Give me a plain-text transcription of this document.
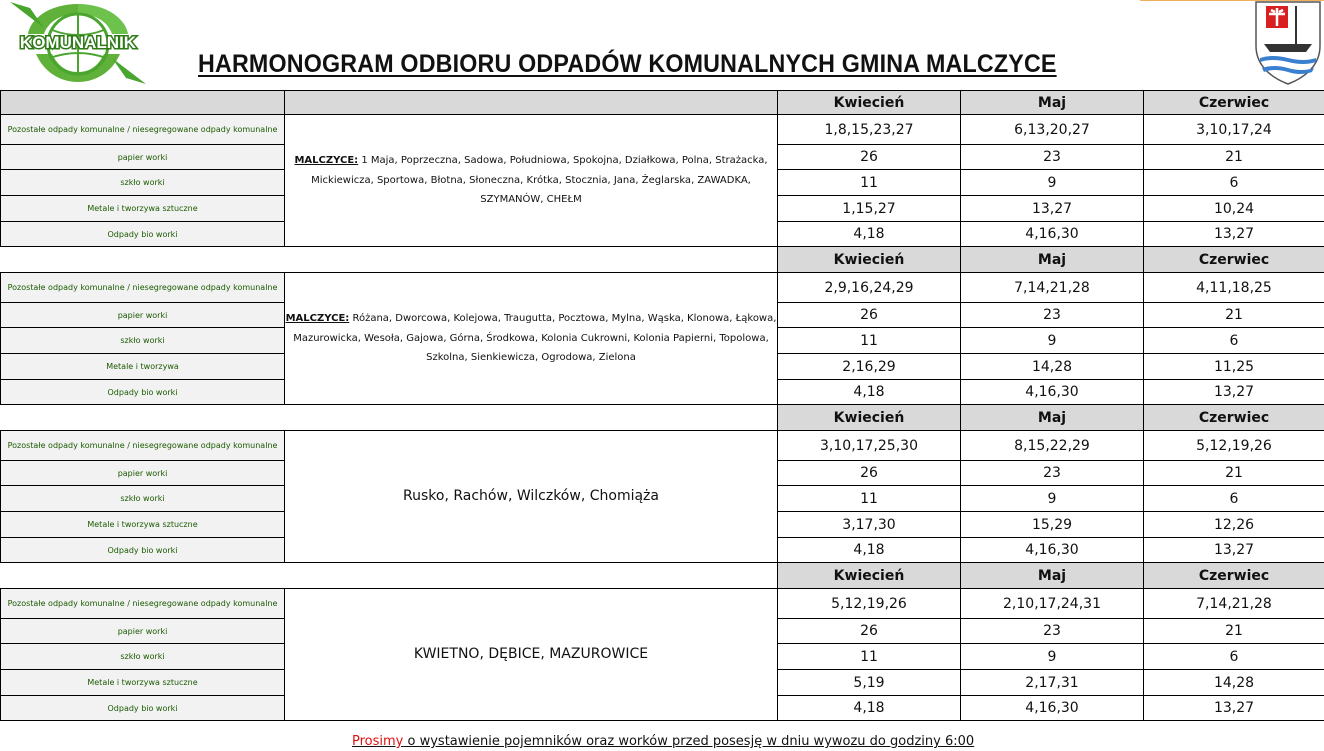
KOMUNALNIK
HARMONOGRAM ODBIORU ODPADÓW KOMUNALNYCH GMINA MALCZYCE
		Kwiecień	Maj	Czerwiec
Pozostałe odpady komunalne / niesegregowane odpady komunalne	MALCZYCE: 1 Maja, Poprzeczna, Sadowa, Południowa, Spokojna, Działkowa, Polna, Strażacka, Mickiewicza, Sportowa, Błotna, Słoneczna, Krótka, Stocznia, Jana, Żeglarska, ZAWADKA, SZYMANÓW, CHEŁM	1,8,15,23,27	6,13,20,27	3,10,17,24
papier worki		26	23	21
szkło worki		11	9	6
Metale i tworzywa sztuczne		1,15,27	13,27	10,24
Odpady bio worki		4,18	4,16,30	13,27
		Kwiecień	Maj	Czerwiec
Pozostałe odpady komunalne / niesegregowane odpady komunalne	MALCZYCE: Różana, Dworcowa, Kolejowa, Traugutta, Pocztowa, Mylna, Wąska, Klonowa, Łąkowa, Mazurowicka, Wesoła, Gajowa, Górna, Środkowa, Kolonia Cukrowni, Kolonia Papierni, Topolowa, Szkolna, Sienkiewicza, Ogrodowa, Zielona	2,9,16,24,29	7,14,21,28	4,11,18,25
papier worki		26	23	21
szkło worki		11	9	6
Metale i tworzywa		2,16,29	14,28	11,25
Odpady bio worki		4,18	4,16,30	13,27
		Kwiecień	Maj	Czerwiec
Pozostałe odpady komunalne / niesegregowane odpady komunalne	Rusko, Rachów, Wilczków, Chomiąża	3,10,17,25,30	8,15,22,29	5,12,19,26
papier worki		26	23	21
szkło worki		11	9	6
Metale i tworzywa sztuczne		3,17,30	15,29	12,26
Odpady bio worki		4,18	4,16,30	13,27
		Kwiecień	Maj	Czerwiec
Pozostałe odpady komunalne / niesegregowane odpady komunalne	KWIETNO, DĘBICE, MAZUROWICE	5,12,19,26	2,10,17,24,31	7,14,21,28
papier worki		26	23	21
szkło worki		11	9	6
Metale i tworzywa sztuczne		5,19	2,17,31	14,28
Odpady bio worki		4,18	4,16,30	13,27
Prosimy o wystawienie pojemników oraz worków przed posesję w dniu wywozu do godziny 6:00
